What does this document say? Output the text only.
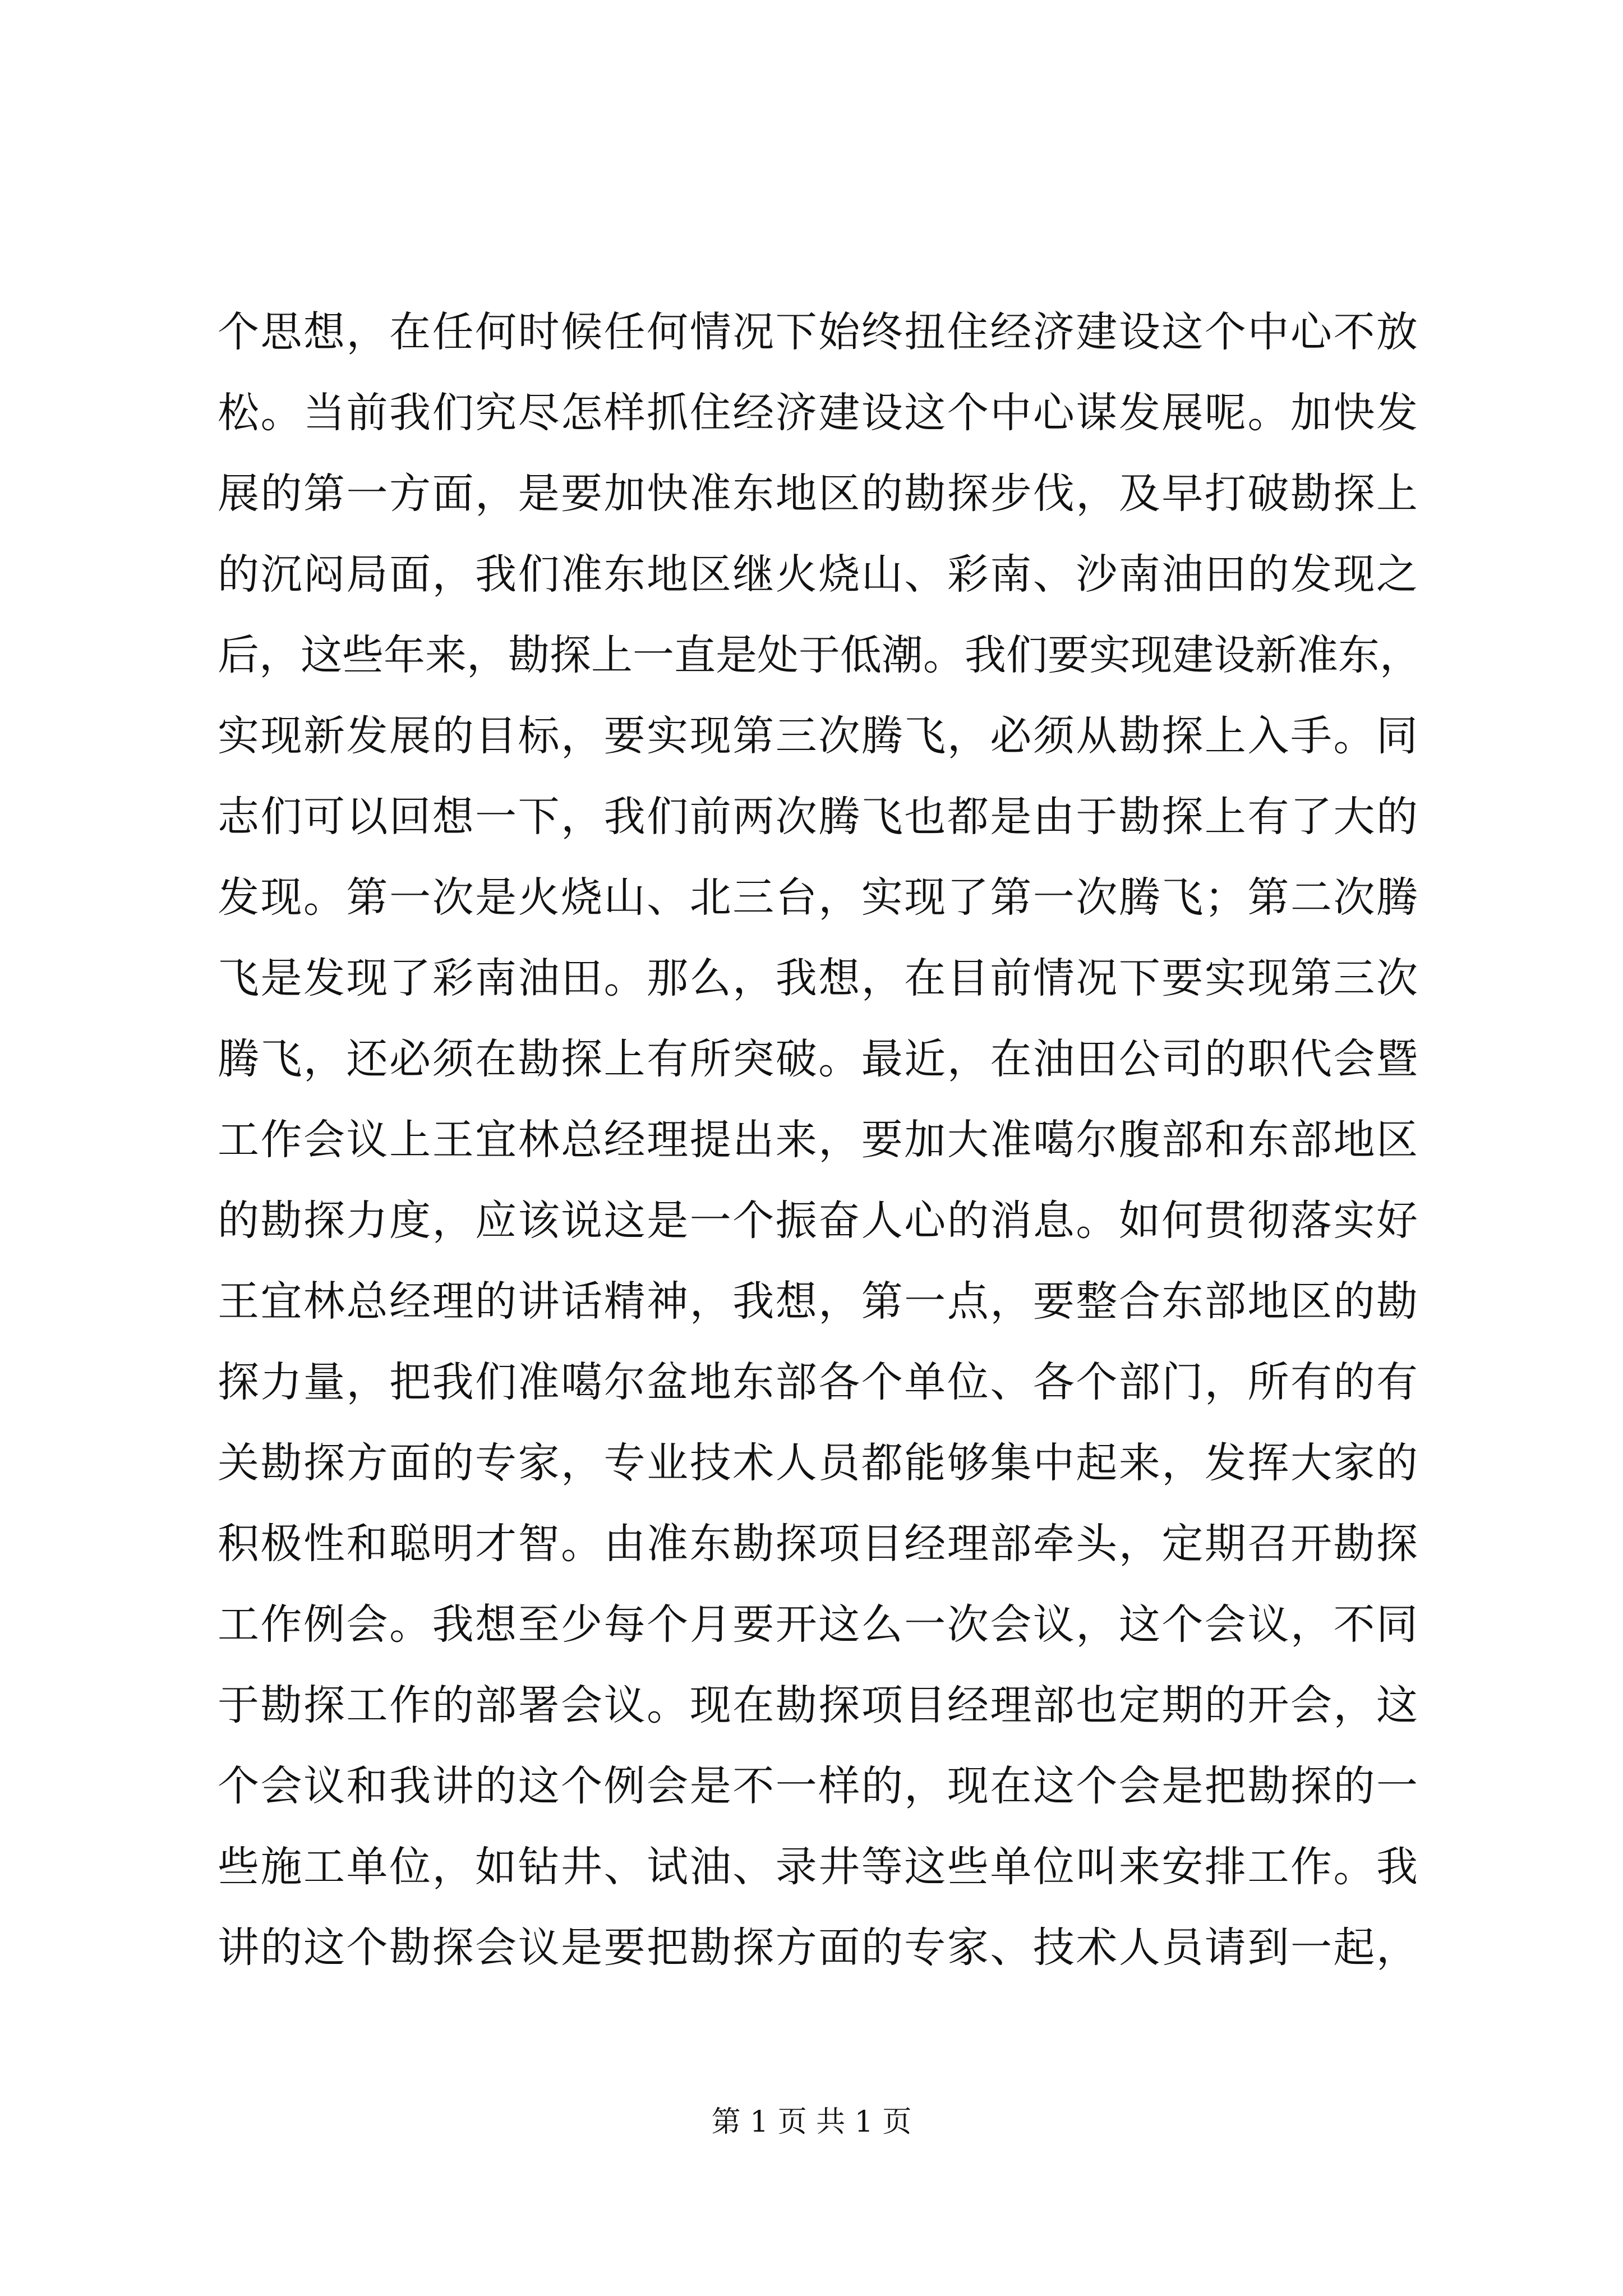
个思想，在任何时候任何情况下始终扭住经济建设这个中心不放
松。当前我们究尽怎样抓住经济建设这个中心谋发展呢。加快发
展的第一方面，是要加快准东地区的勘探步伐，及早打破勘探上
的沉闷局面，我们准东地区继火烧山、彩南、沙南油田的发现之
后，这些年来，勘探上一直是处于低潮。我们要实现建设新准东，
实现新发展的目标，要实现第三次腾飞，必须从勘探上入手。同
志们可以回想一下，我们前两次腾飞也都是由于勘探上有了大的
发现。第一次是火烧山、北三台，实现了第一次腾飞；第二次腾
飞是发现了彩南油田。那么，我想，在目前情况下要实现第三次
腾飞，还必须在勘探上有所突破。最近，在油田公司的职代会暨
工作会议上王宜林总经理提出来，要加大准噶尔腹部和东部地区
的勘探力度，应该说这是一个振奋人心的消息。如何贯彻落实好
王宜林总经理的讲话精神，我想，第一点，要整合东部地区的勘
探力量，把我们准噶尔盆地东部各个单位、各个部门，所有的有
关勘探方面的专家，专业技术人员都能够集中起来，发挥大家的
积极性和聪明才智。由准东勘探项目经理部牵头，定期召开勘探
工作例会。我想至少每个月要开这么一次会议，这个会议，不同
于勘探工作的部署会议。现在勘探项目经理部也定期的开会，这
个会议和我讲的这个例会是不一样的，现在这个会是把勘探的一
些施工单位，如钻井、试油、录井等这些单位叫来安排工作。我
讲的这个勘探会议是要把勘探方面的专家、技术人员请到一起，
第 1 页 共 1 页
